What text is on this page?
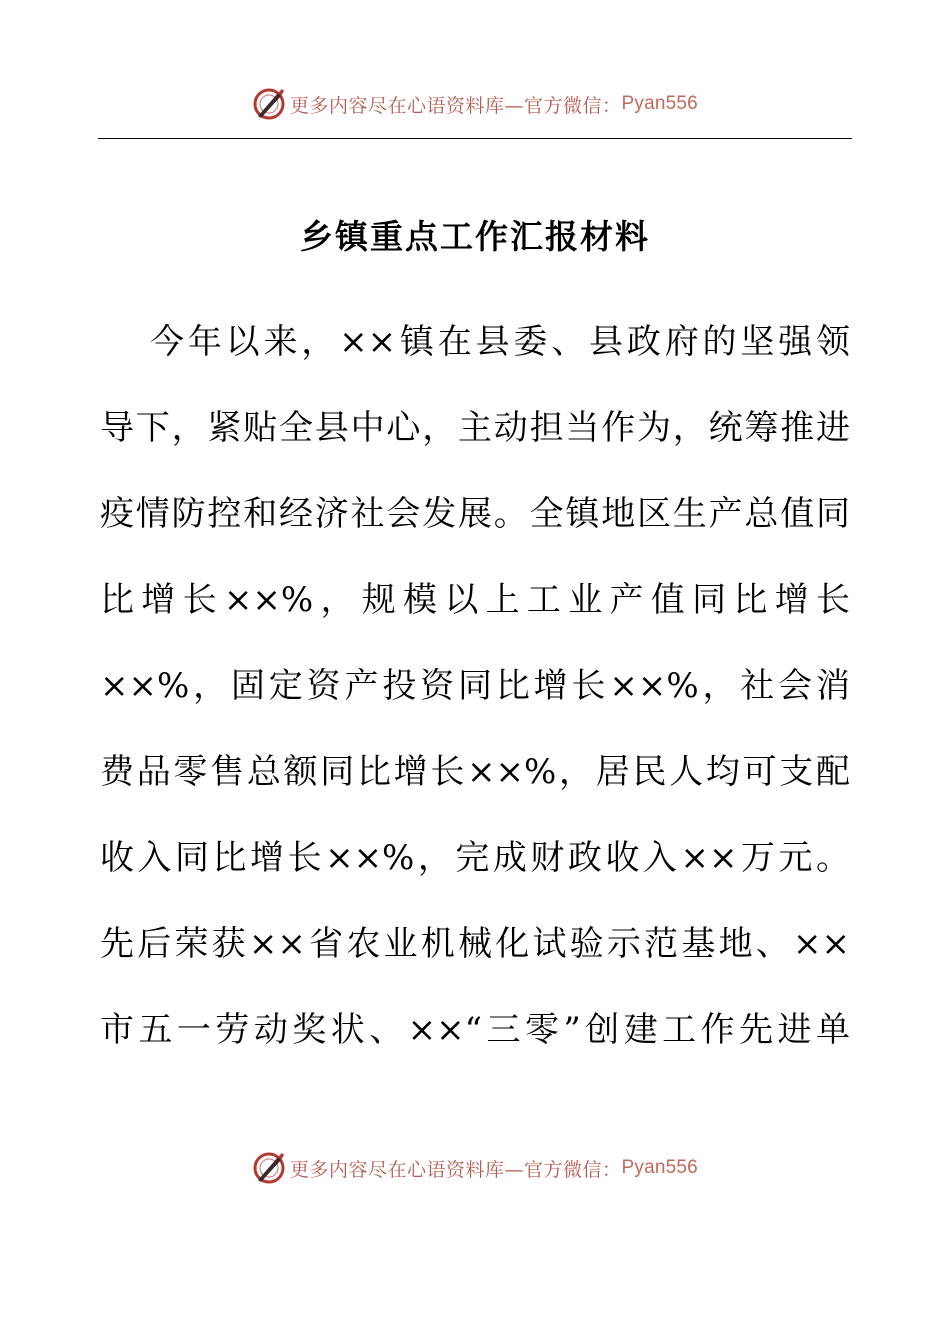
更多内容尽在心语资料库—官方微信： Pyan556
乡镇重点工作汇报材料
今年以来，××镇在县委、县政府的坚强领
导下，紧贴全县中心，主动担当作为，统筹推进
疫情防控和经济社会发展。全镇地区生产总值同
比增长××%，规模以上工业产值同比增长
××%，固定资产投资同比增长××%，社会消
费品零售总额同比增长××%，居民人均可支配
收入同比增长××%，完成财政收入××万元。
先后荣获××省农业机械化试验示范基地、××
市五一劳动奖状、××“三零”创建工作先进单
更多内容尽在心语资料库—官方微信： Pyan556
